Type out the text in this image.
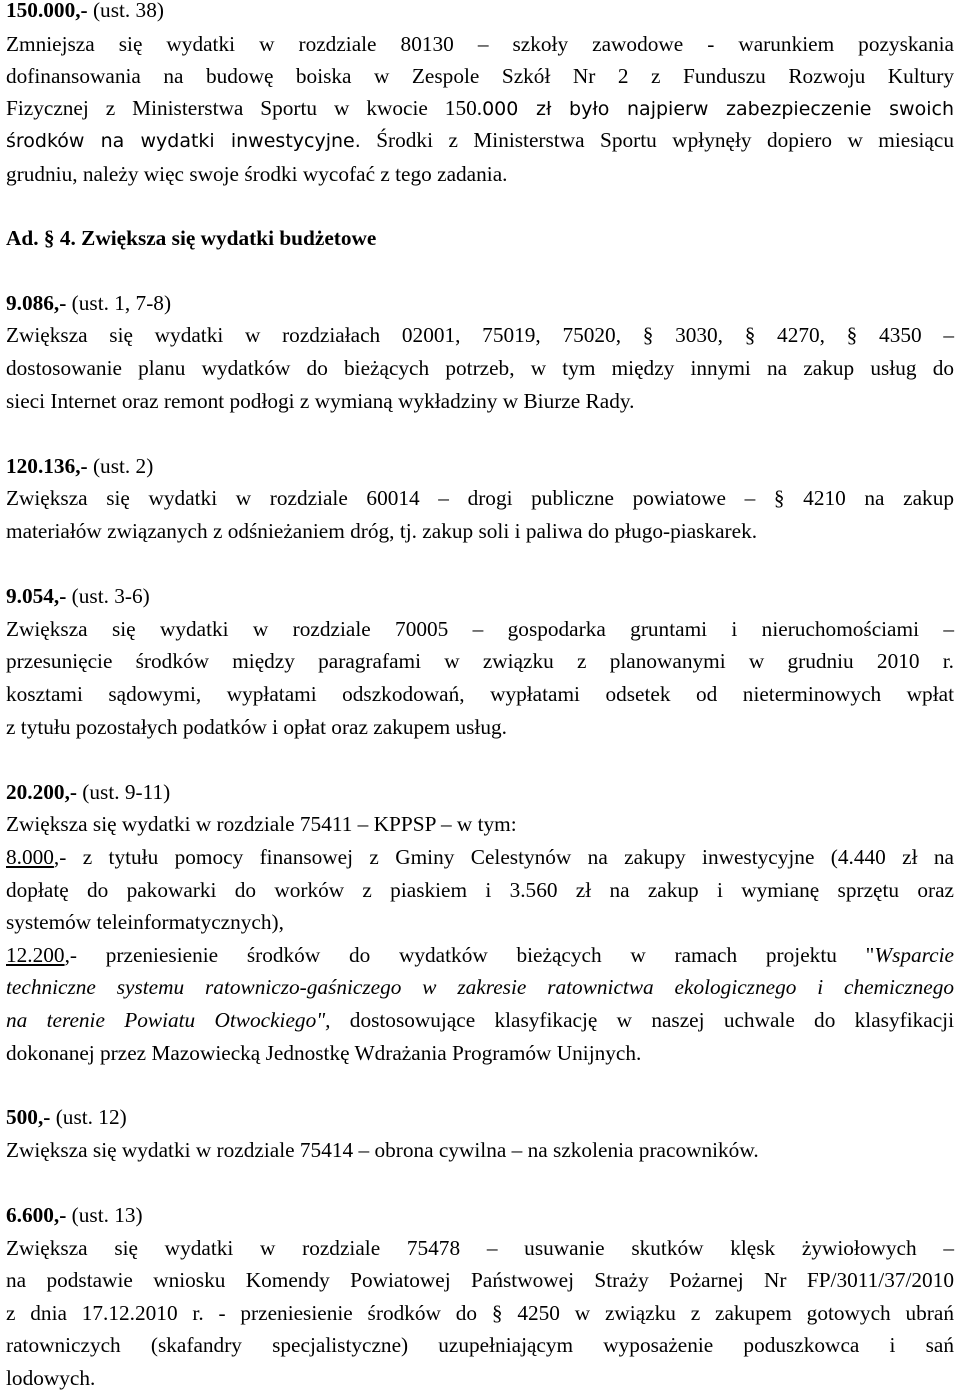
150.000,- (ust. 38)
Zmniejsza się wydatki w rozdziale 80130 – szkoły zawodowe - warunkiem pozyskania
dofinansowania na budowę boiska w Zespole Szkół Nr 2 z Funduszu Rozwoju Kultury
Fizycznej z Ministerstwa Sportu w kwocie 150.000 zł było najpierw zabezpieczenie swoich
środków na wydatki inwestycyjne. Środki z Ministerstwa Sportu wpłynęły dopiero w miesiącu
grudniu, należy więc swoje środki wycofać z tego zadania.
Ad. § 4. Zwiększa się wydatki budżetowe
9.086,- (ust. 1, 7-8)
Zwiększa się wydatki w rozdziałach 02001, 75019, 75020, § 3030, § 4270, § 4350 –
dostosowanie planu wydatków do bieżących potrzeb, w tym między innymi na zakup usług do
sieci Internet oraz remont podłogi z wymianą wykładziny w Biurze Rady.
120.136,- (ust. 2)
Zwiększa się wydatki w rozdziale 60014 – drogi publiczne powiatowe – § 4210 na zakup
materiałów związanych z odśnieżaniem dróg, tj. zakup soli i paliwa do pługo-piaskarek.
9.054,- (ust. 3-6)
Zwiększa się wydatki w rozdziale 70005 – gospodarka gruntami i nieruchomościami –
przesunięcie środków między paragrafami w związku z planowanymi w grudniu 2010 r.
kosztami sądowymi, wypłatami odszkodowań, wypłatami odsetek od nieterminowych wpłat
z tytułu pozostałych podatków i opłat oraz zakupem usług.
20.200,- (ust. 9-11)
Zwiększa się wydatki w rozdziale 75411 – KPPSP – w tym:
8.000,- z tytułu pomocy finansowej z Gminy Celestynów na zakupy inwestycyjne (4.440 zł na
dopłatę do pakowarki do worków z piaskiem i 3.560 zł na zakup i wymianę sprzętu oraz
systemów teleinformatycznych),
12.200,- przeniesienie środków do wydatków bieżących w ramach projektu "Wsparcie
techniczne systemu ratowniczo-gaśniczego w zakresie ratownictwa ekologicznego i chemicznego
na terenie Powiatu Otwockiego", dostosowujące klasyfikację w naszej uchwale do klasyfikacji
dokonanej przez Mazowiecką Jednostkę Wdrażania Programów Unijnych.
500,- (ust. 12)
Zwiększa się wydatki w rozdziale 75414 – obrona cywilna – na szkolenia pracowników.
6.600,- (ust. 13)
Zwiększa się wydatki w rozdziale 75478 – usuwanie skutków klęsk żywiołowych –
na podstawie wniosku Komendy Powiatowej Państwowej Straży Pożarnej Nr FP/3011/37/2010
z dnia 17.12.2010 r. - przeniesienie środków do § 4250 w związku z zakupem gotowych ubrań
ratowniczych (skafandry specjalistyczne) uzupełniającym wyposażenie poduszkowca i sań
lodowych.
